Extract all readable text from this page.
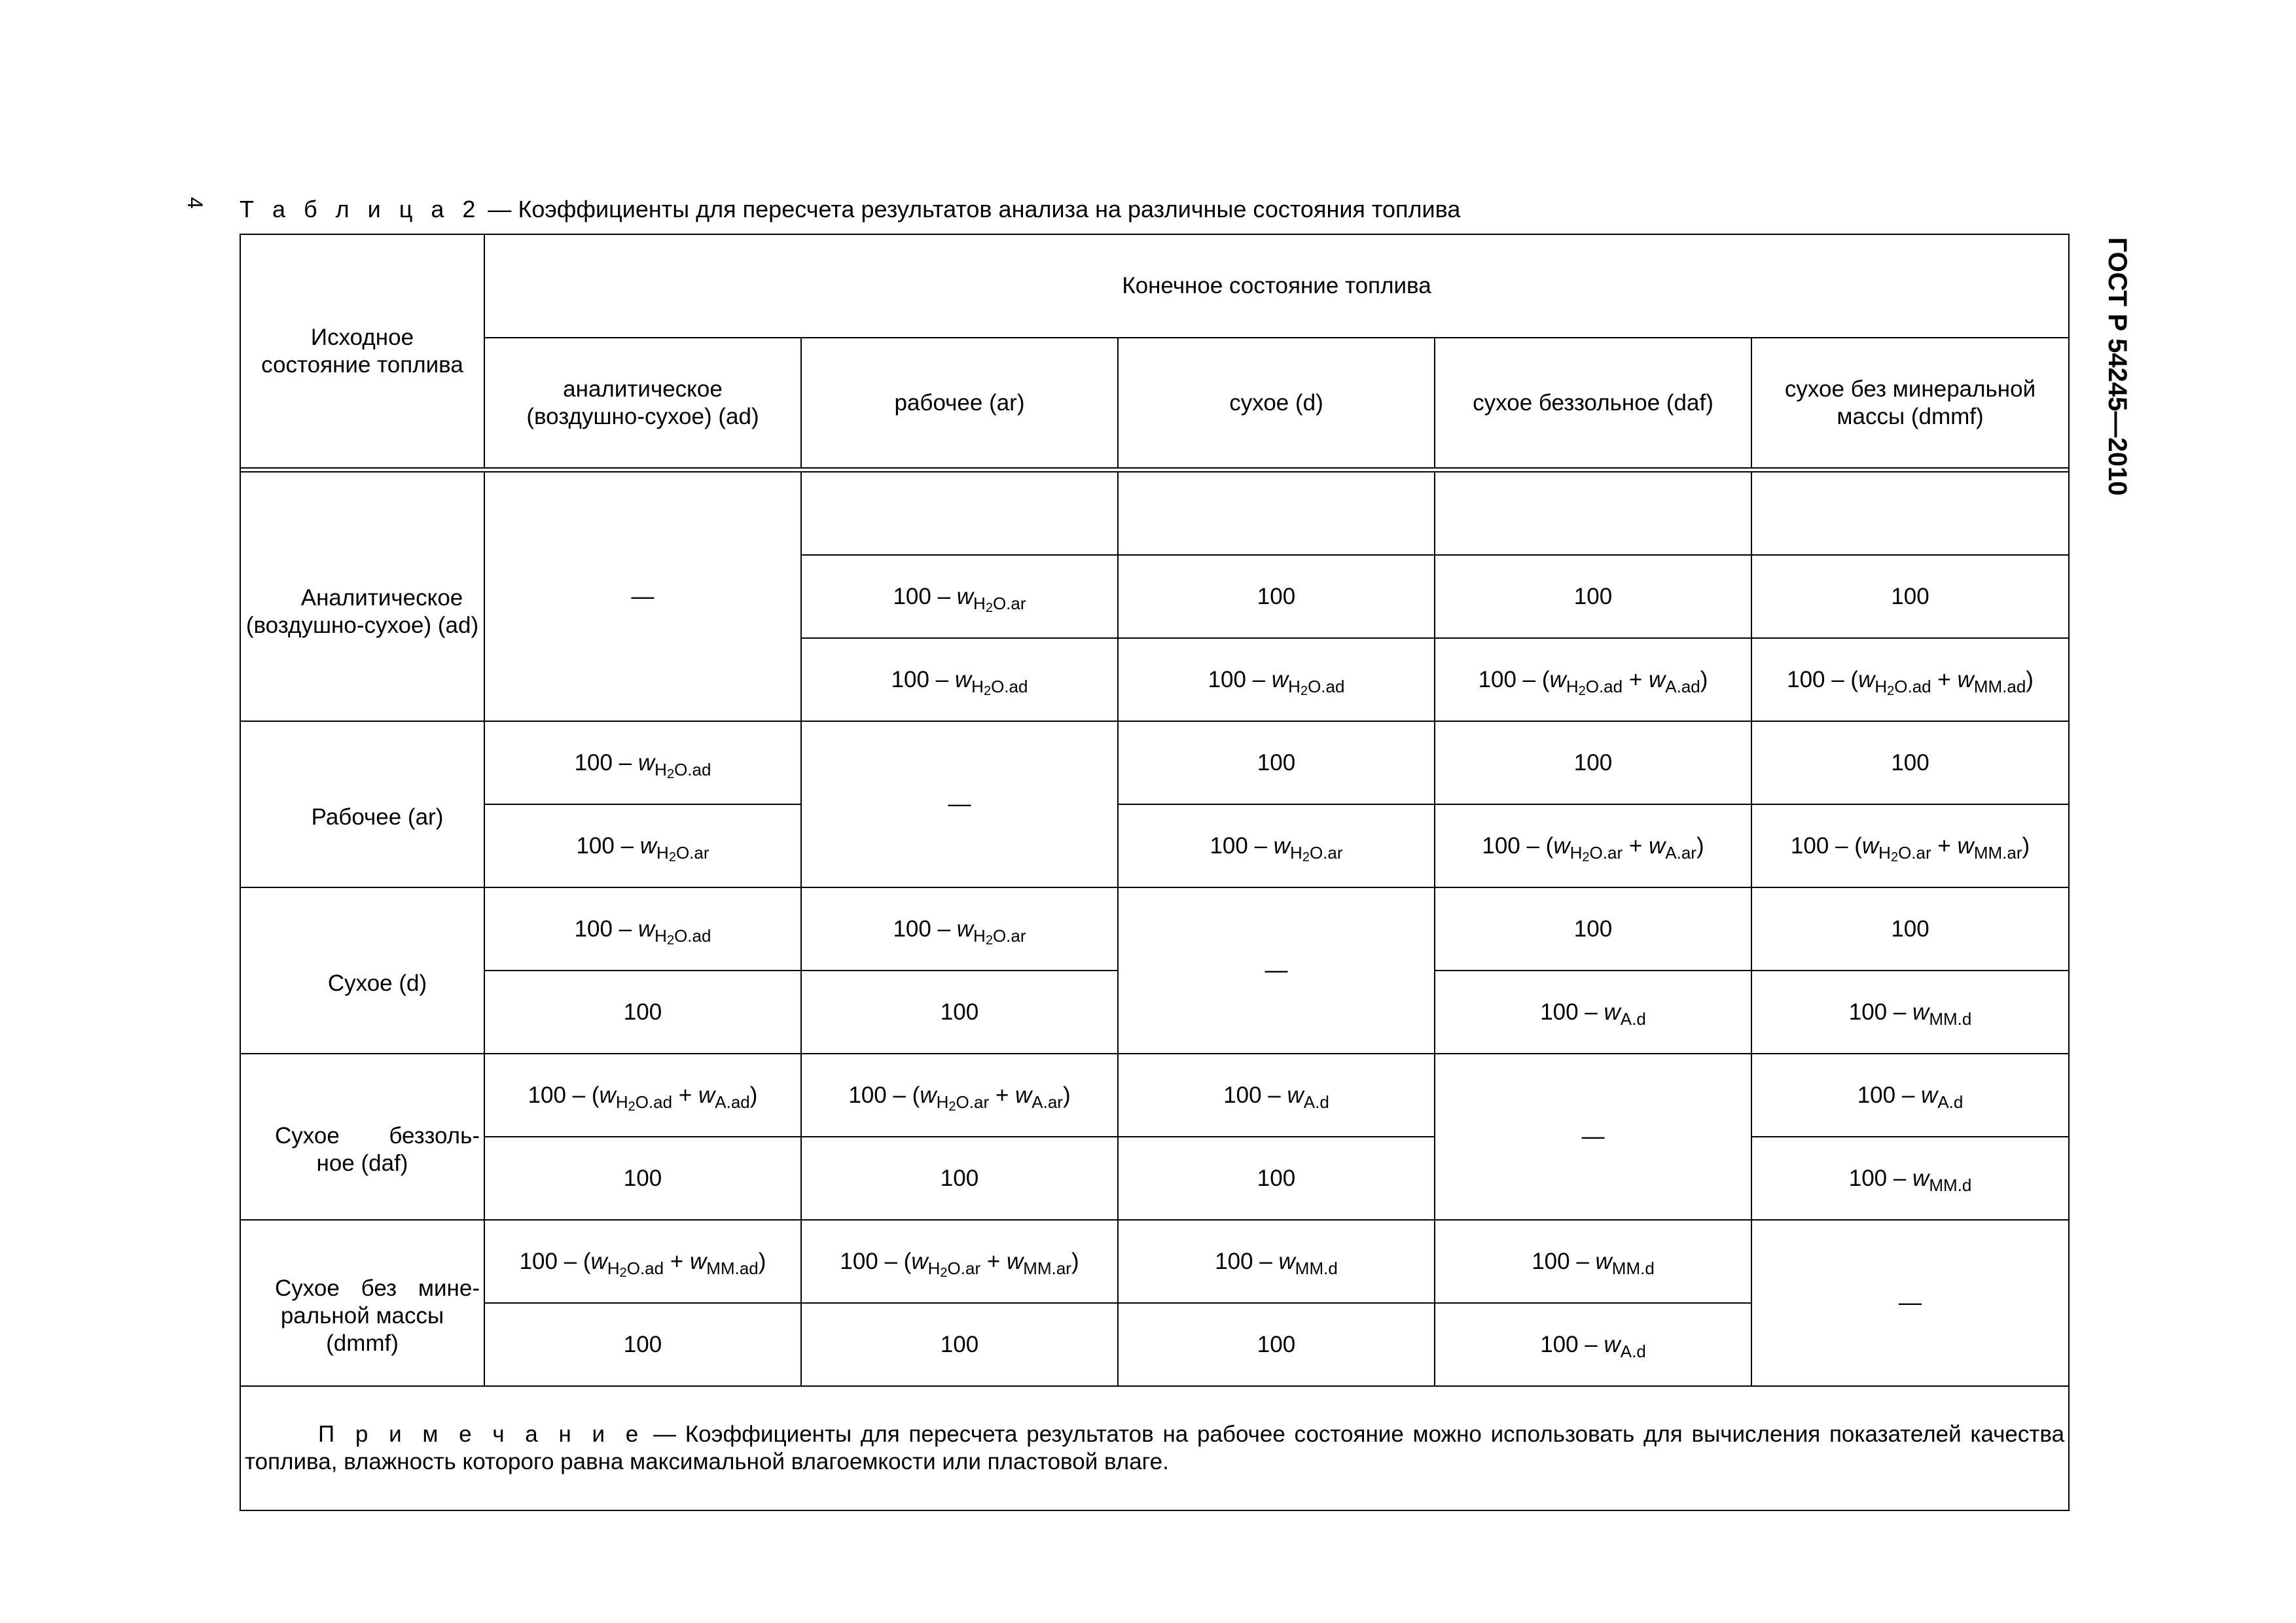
4
ГОСТ Р 54245—2010
Т а б л и ц а 2 — Коэффициенты для пересчета результатов анализа на различные состояния топлива
Исходное состояние топлива	Конечное состояние топлива				
	аналитическое (воздушно-сухое) (ad)	рабочее (ar)	сухое (d)	сухое беззольное (daf)	сухое без минеральной массы (dmmf)

Аналитическое (воздушно-сухое) (ad)	—				
		$100 - w_{H_2O.ar}$	100	100	100
		$100 - w_{H_2O.ad}$	$100 - w_{H_2O.ad}$	$100 - (w_{H_2O.ad} + w_{A.ad})$	$100 - (w_{H_2O.ad} + w_{MM.ad})$

Рабочее (ar)	$100 - w_{H_2O.ad}$	—	100	100	100
	$100 - w_{H_2O.ar}$		$100 - w_{H_2O.ar}$	$100 - (w_{H_2O.ar} + w_{A.ar})$	$100 - (w_{H_2O.ar} + w_{MM.ar})$

Сухое (d)	$100 - w_{H_2O.ad}$	$100 - w_{H_2O.ar}$	—	100	100
	100	100		$100 - w_{A.d}$	$100 - w_{MM.d}$

Сухое беззоль-
ное (daf)	$100 - (w_{H_2O.ad} + w_{A.ad})$	$100 - (w_{H_2O.ar} + w_{A.ar})$	$100 - w_{A.d}$	—	$100 - w_{A.d}$
	100	100	100		$100 - w_{MM.d}$

Сухое без мине-
ральной массы
(dmmf)	$100 - (w_{H_2O.ad} + w_{MM.ad})$	$100 - (w_{H_2O.ar} + w_{MM.ar})$	$100 - w_{MM.d}$	$100 - w_{MM.d}$	—
	100	100	100	$100 - w_{A.d}$

П р и м е ч а н и е — Коэффициенты для пересчета результатов на рабочее состояние можно использовать для вычисления показателей качества топлива, влажность которого равна максимальной влагоемкости или пластовой влаге.					
